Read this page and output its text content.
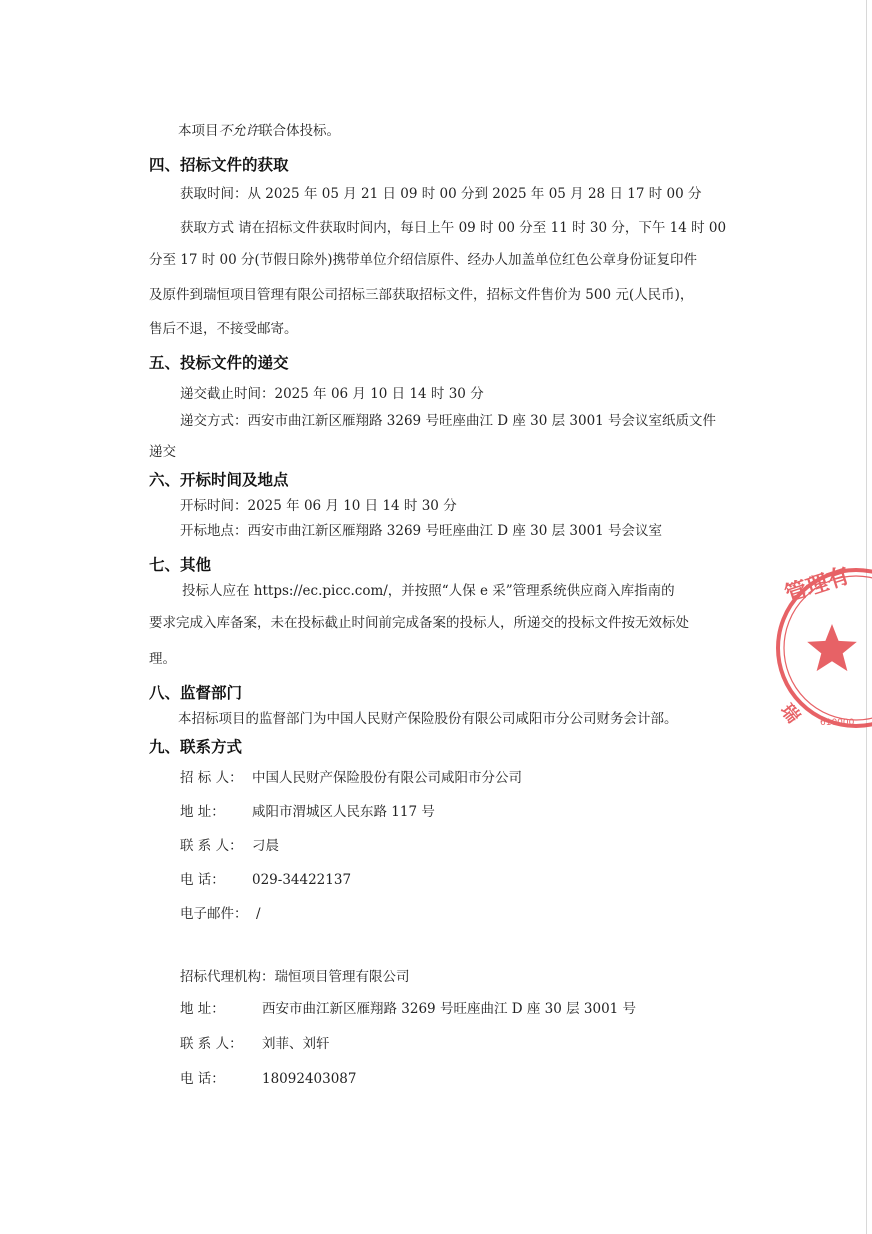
本项目不允许联合体投标。
四、招标文件的获取
获取时间：从 2025 年 05 月 21 日 09 时 00 分到 2025 年 05 月 28 日 17 时 00 分
获取方式 请在招标文件获取时间内，每日上午 09 时 00 分至 11 时 30 分，下午 14 时 00
分至 17 时 00 分(节假日除外)携带单位介绍信原件、经办人加盖单位红色公章身份证复印件
及原件到瑞恒项目管理有限公司招标三部获取招标文件，招标文件售价为 500 元(人民币)，
售后不退，不接受邮寄。
五、投标文件的递交
递交截止时间：2025 年 06 月 10 日 14 时 30 分
递交方式：西安市曲江新区雁翔路 3269 号旺座曲江 D 座 30 层 3001 号会议室纸质文件
递交
六、开标时间及地点
开标时间：2025 年 06 月 10 日 14 时 30 分
开标地点：西安市曲江新区雁翔路 3269 号旺座曲江 D 座 30 层 3001 号会议室
七、其他
投标人应在 https://ec.picc.com/，并按照“人保 e 采”管理系统供应商入库指南的
要求完成入库备案，未在投标截止时间前完成备案的投标人，所递交的投标文件按无效标处
理。
八、监督部门
本招标项目的监督部门为中国人民财产保险股份有限公司咸阳市分公司财务会计部。
九、联系方式
招 标 人： 中国人民财产保险股份有限公司咸阳市分公司
地 址： 咸阳市渭城区人民东路 117 号
联 系 人： 刁晨
电 话： 029-34422137
电子邮件： /
招标代理机构：瑞恒项目管理有限公司
地 址：	西安市曲江新区雁翔路 3269 号旺座曲江 D 座 30 层 3001 号
联 系 人： 刘菲、刘轩
电 话：	18092403087
管理有
610000
瑞
